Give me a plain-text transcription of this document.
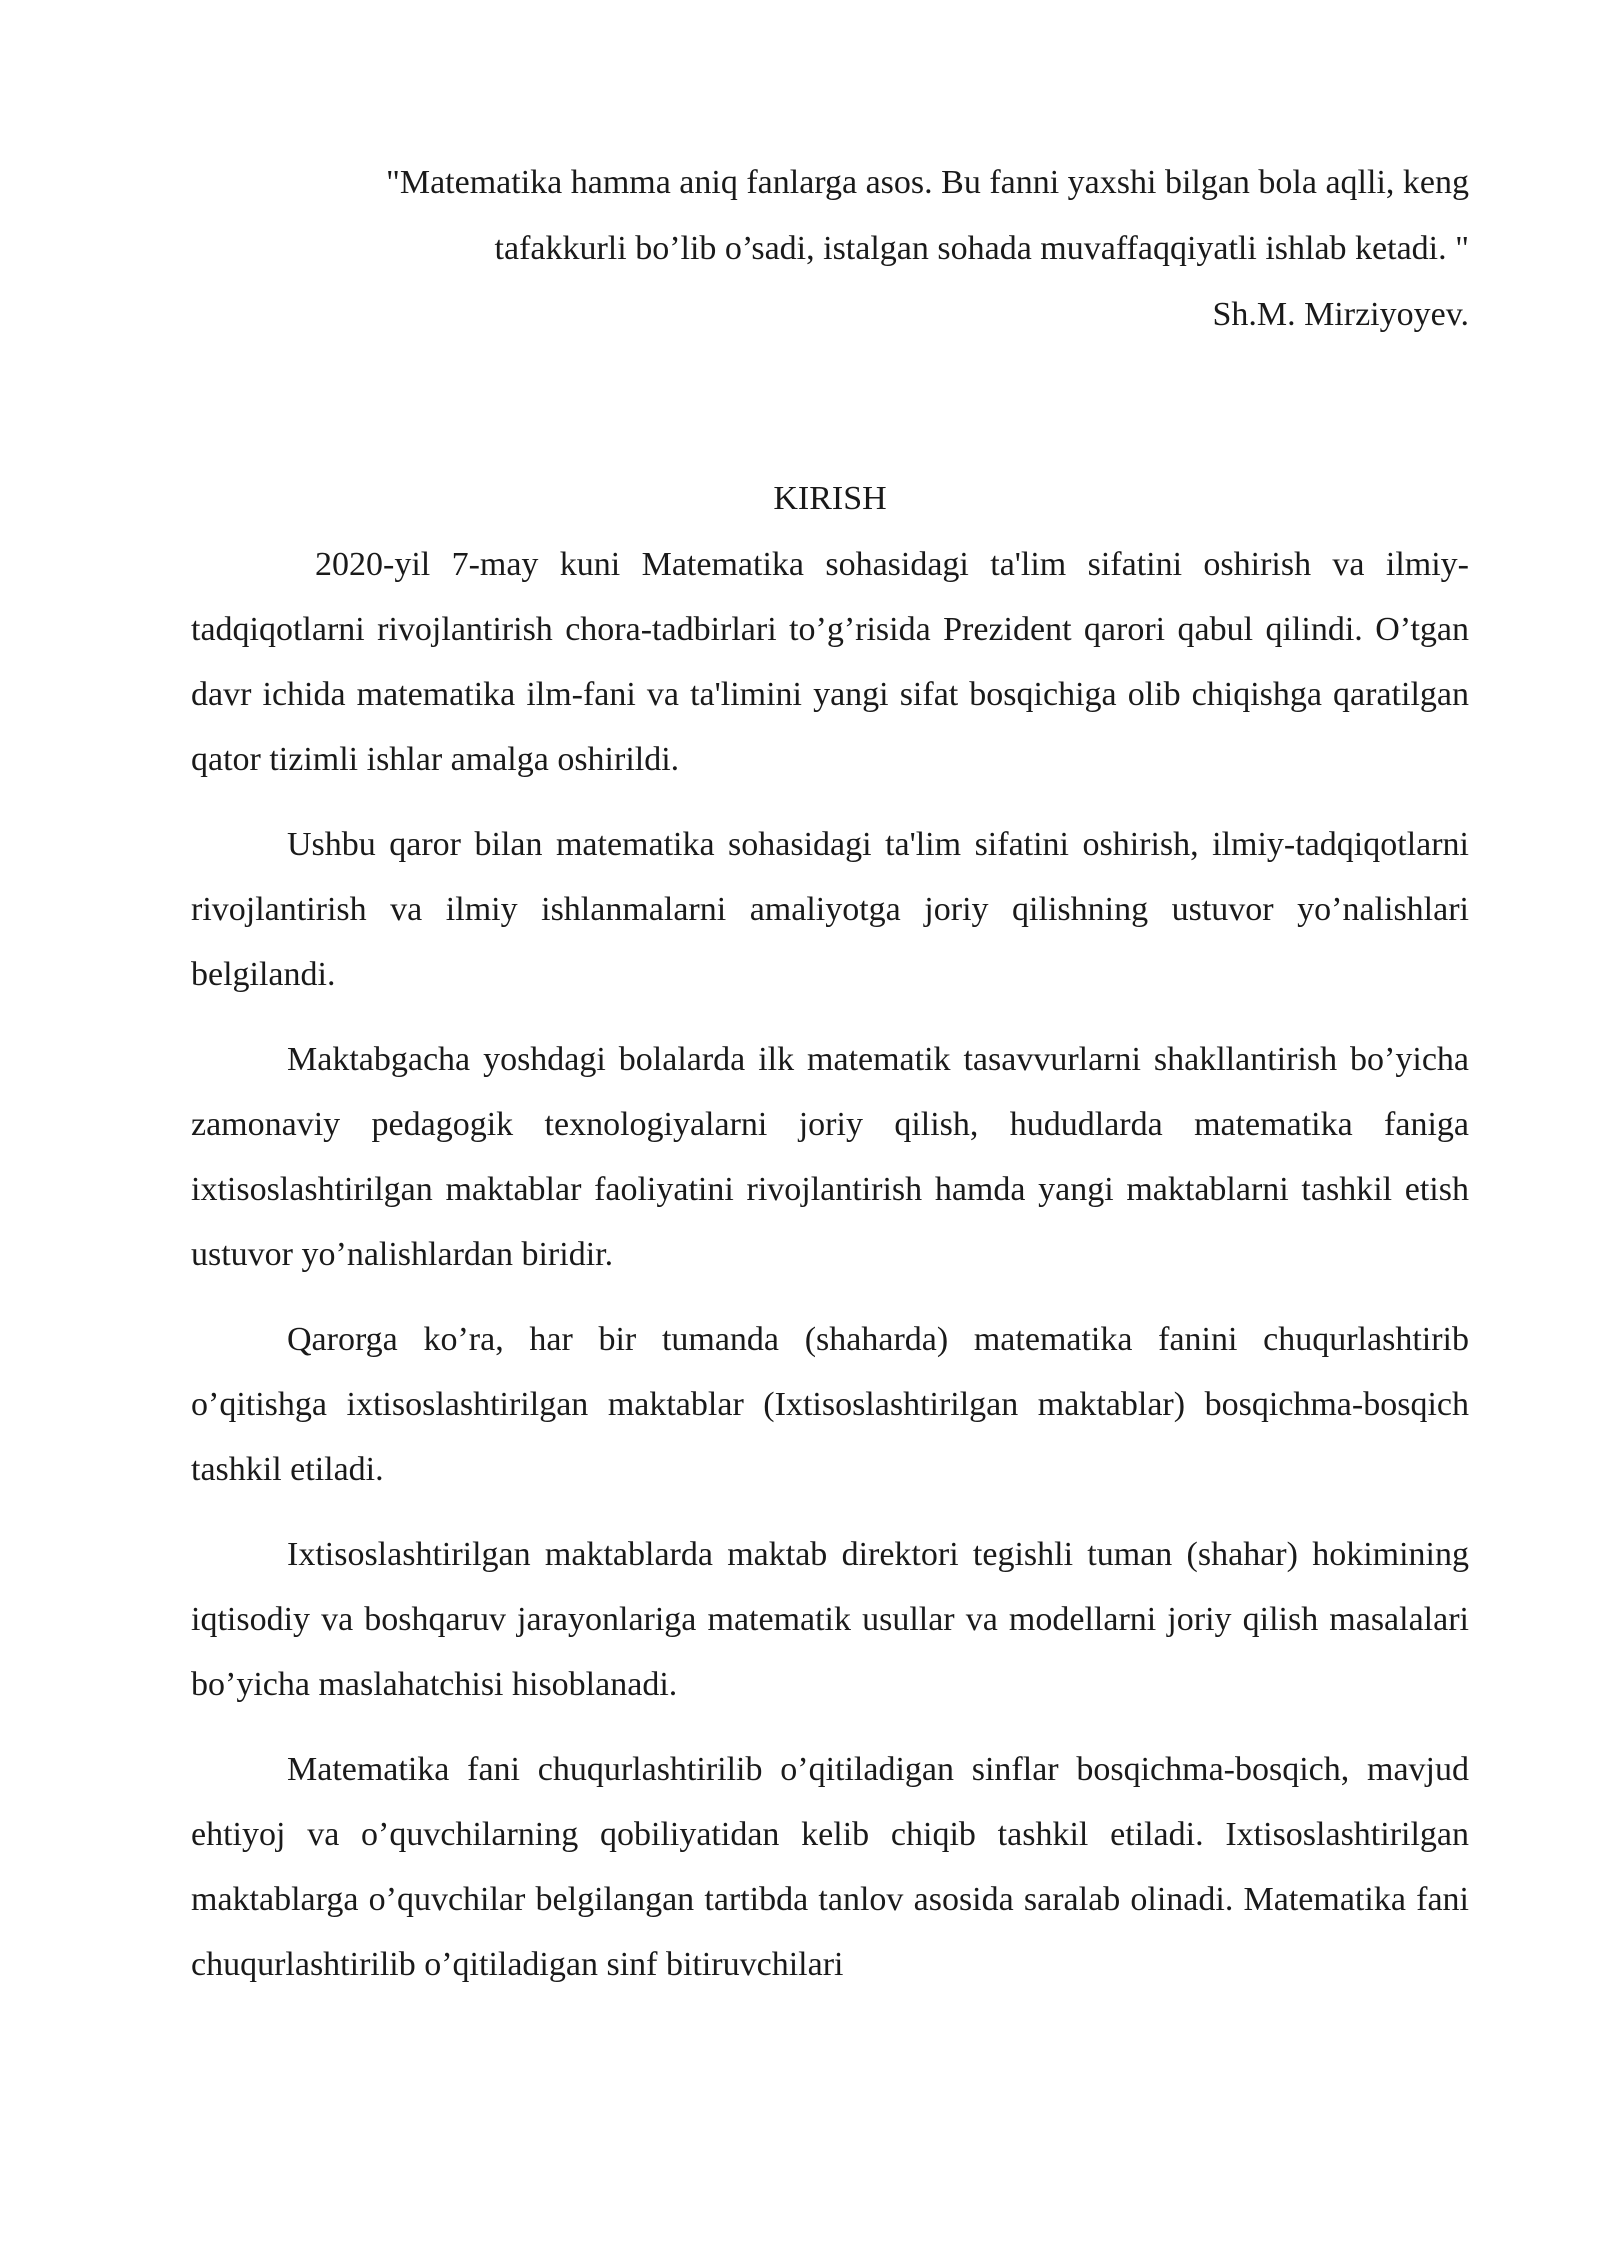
"Matematika hamma aniq fanlarga asos. Bu fanni yaxshi bilgan bola aqlli, keng
tafakkurli bo’lib o’sadi, istalgan sohada muvaffaqqiyatli ishlab ketadi. "

Sh.M. Mirziyoyev.

KIRISH

2020-yil 7-may kuni Matematika sohasidagi ta'lim sifatini oshirish va ilmiy-tadqiqotlarni rivojlantirish chora-tadbirlari to’g’risida Prezident qarori qabul qilindi. O’tgan davr ichida matematika ilm-fani va ta'limini yangi sifat bosqichiga olib chiqishga qaratilgan qator tizimli ishlar amalga oshirildi.

Ushbu qaror bilan matematika sohasidagi ta'lim sifatini oshirish, ilmiy-tadqiqotlarni rivojlantirish va ilmiy ishlanmalarni amaliyotga joriy qilishning ustuvor yo’nalishlari belgilandi.

Maktabgacha yoshdagi bolalarda ilk matematik tasavvurlarni shakllantirish bo’yicha zamonaviy pedagogik texnologiyalarni joriy qilish, hududlarda matematika faniga ixtisoslashtirilgan maktablar faoliyatini rivojlantirish hamda yangi maktablarni tashkil etish ustuvor yo’nalishlardan biridir.

Qarorga ko’ra, har bir tumanda (shaharda) matematika fanini chuqurlashtirib o’qitishga ixtisoslashtirilgan maktablar (Ixtisoslashtirilgan maktablar) bosqichma-bosqich tashkil etiladi.

Ixtisoslashtirilgan maktablarda maktab direktori tegishli tuman (shahar) hokimining iqtisodiy va boshqaruv jarayonlariga matematik usullar va modellarni joriy qilish masalalari bo’yicha maslahatchisi hisoblanadi.

Matematika fani chuqurlashtirilib o’qitiladigan sinflar bosqichma-bosqich, mavjud ehtiyoj va o’quvchilarning qobiliyatidan kelib chiqib tashkil etiladi. Ixtisoslashtirilgan maktablarga o’quvchilar belgilangan tartibda tanlov asosida saralab olinadi. Matematika fani chuqurlashtirilib o’qitiladigan sinf bitiruvchilari
